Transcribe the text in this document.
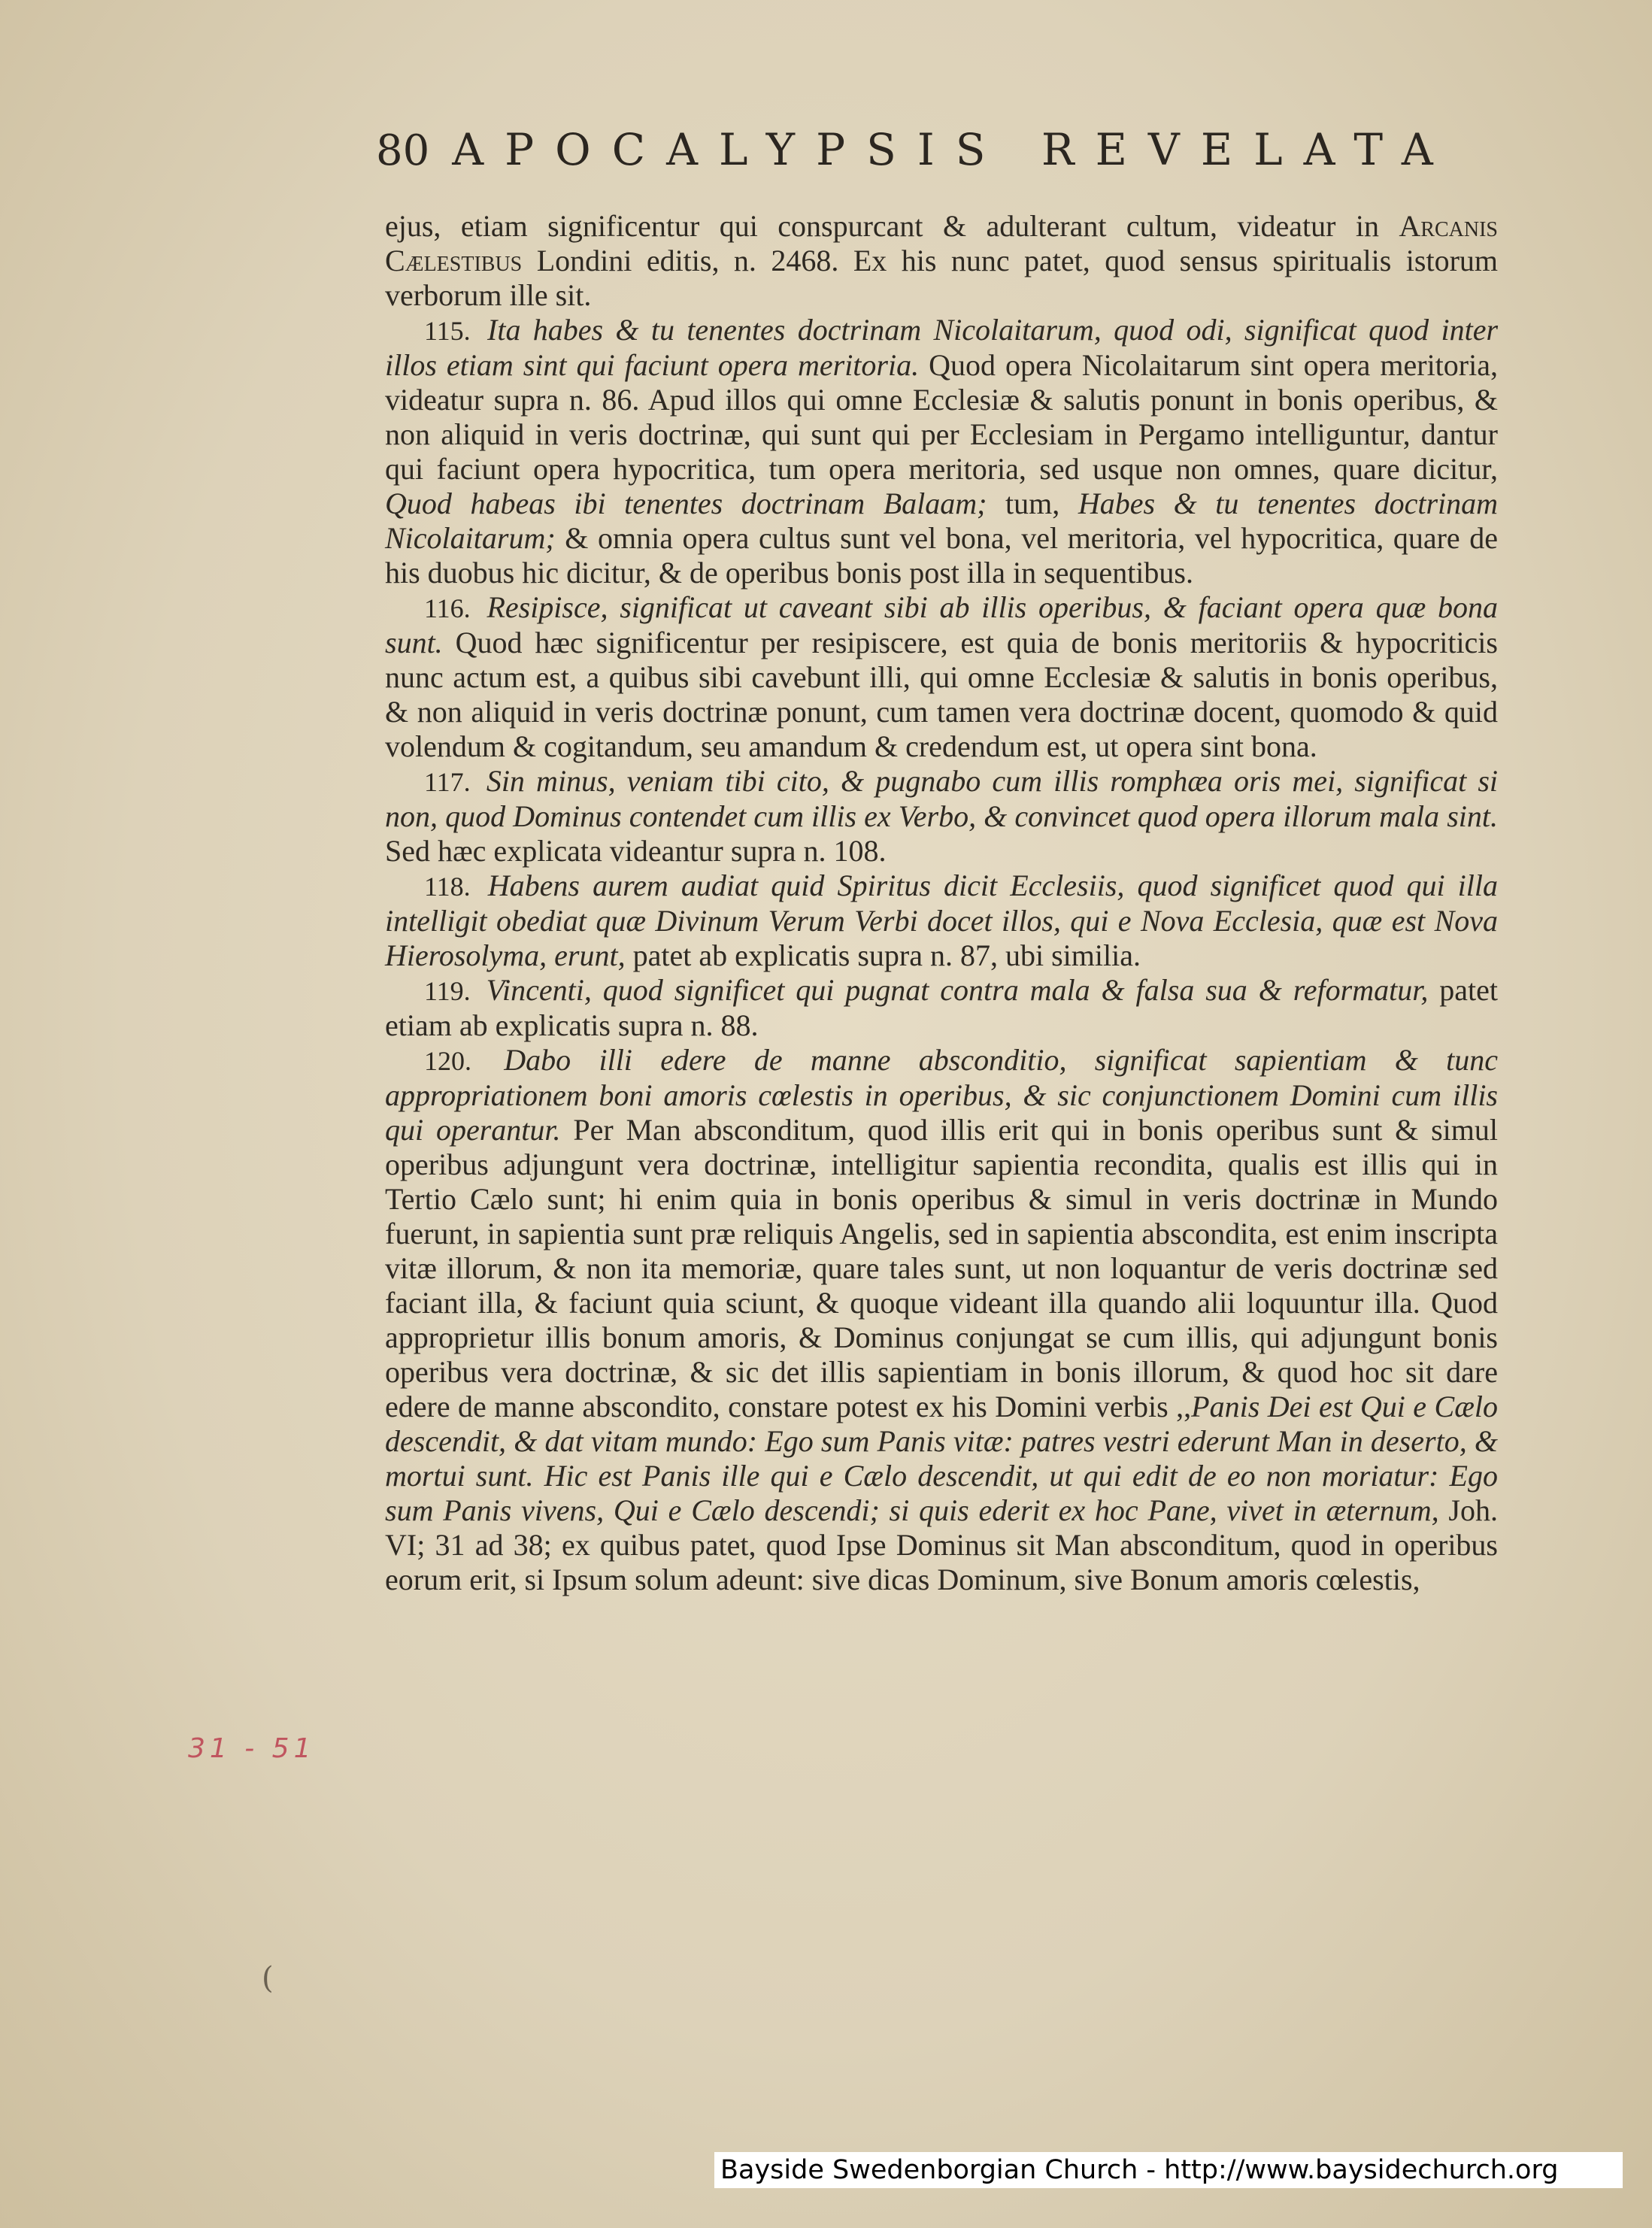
80 APOCALYPSIS REVELATA

ejus, etiam significentur qui conspurcant & adulterant cultum, videatur in Arcanis Cælestibus Londini editis, n. 2468. Ex his nunc patet, quod sensus spiritualis istorum verborum ille sit.

115. Ita habes & tu tenentes doctrinam Nicolaitarum, quod odi, significat quod inter illos etiam sint qui faciunt opera meritoria. Quod opera Nicolaitarum sint opera meritoria, videatur supra n. 86. Apud illos qui omne Ecclesiæ & salutis ponunt in bonis operibus, & non aliquid in veris doctrinæ, qui sunt qui per Ecclesiam in Pergamo intelliguntur, dantur qui faciunt opera hypocritica, tum opera meritoria, sed usque non omnes, quare dicitur, Quod habeas ibi tenentes doctrinam Balaam; tum, Habes & tu tenentes doctrinam Nicolaitarum; & omnia opera cultus sunt vel bona, vel meritoria, vel hypocritica, quare de his duobus hic dicitur, & de operibus bonis post illa in sequentibus.

116. Resipisce, significat ut caveant sibi ab illis operibus, & faciant opera quæ bona sunt. Quod hæc significentur per resipiscere, est quia de bonis meritoriis & hypocriticis nunc actum est, a quibus sibi cavebunt illi, qui omne Ecclesiæ & salutis in bonis operibus, & non aliquid in veris doctrinæ ponunt, cum tamen vera doctrinæ docent, quomodo & quid volendum & cogitandum, seu amandum & credendum est, ut opera sint bona.

117. Sin minus, veniam tibi cito, & pugnabo cum illis romphæa oris mei, significat si non, quod Dominus contendet cum illis ex Verbo, & convincet quod opera illorum mala sint. Sed hæc explicata videantur supra n. 108.

118. Habens aurem audiat quid Spiritus dicit Ecclesiis, quod significet quod qui illa intelligit obediat quæ Divinum Verum Verbi docet illos, qui e Nova Ecclesia, quæ est Nova Hierosolyma, erunt, patet ab explicatis supra n. 87, ubi similia.

119. Vincenti, quod significet qui pugnat contra mala & falsa sua & reformatur, patet etiam ab explicatis supra n. 88.

120. Dabo illi edere de manne absconditio, significat sapientiam & tunc appropriationem boni amoris cœlestis in operibus, & sic conjunctionem Domini cum illis qui operantur. Per Man absconditum, quod illis erit qui in bonis operibus sunt & simul operibus adjungunt vera doctrinæ, intelligitur sapientia recondita, qualis est illis qui in Tertio Cælo sunt; hi enim quia in bonis operibus & simul in veris doctrinæ in Mundo fuerunt, in sapientia sunt præ reliquis Angelis, sed in sapientia abscondita, est enim inscripta vitæ illorum, & non ita memoriæ, quare tales sunt, ut non loquantur de veris doctrinæ sed faciant illa, & faciunt quia sciunt, & quoque videant illa quando alii loquuntur illa. Quod approprietur illis bonum amoris, & Dominus conjungat se cum illis, qui adjungunt bonis operibus vera doctrinæ, & sic det illis sapientiam in bonis illorum, & quod hoc sit dare edere de manne abscondito, constare potest ex his Domini verbis ,,Panis Dei est Qui e Cælo descendit, & dat vitam mundo: Ego sum Panis vitæ: patres vestri ederunt Man in deserto, & mortui sunt. Hic est Panis ille qui e Cælo descendit, ut qui edit de eo non moriatur: Ego sum Panis vivens, Qui e Cælo descendi; si quis ederit ex hoc Pane, vivet in æternum, Joh. VI; 31 ad 38; ex quibus patet, quod Ipse Dominus sit Man absconditum, quod in operibus eorum erit, si Ipsum solum adeunt: sive dicas Dominum, sive Bonum amoris cœlestis,

31 - 51
(
Bayside Swedenborgian Church - http://www.baysidechurch.org
